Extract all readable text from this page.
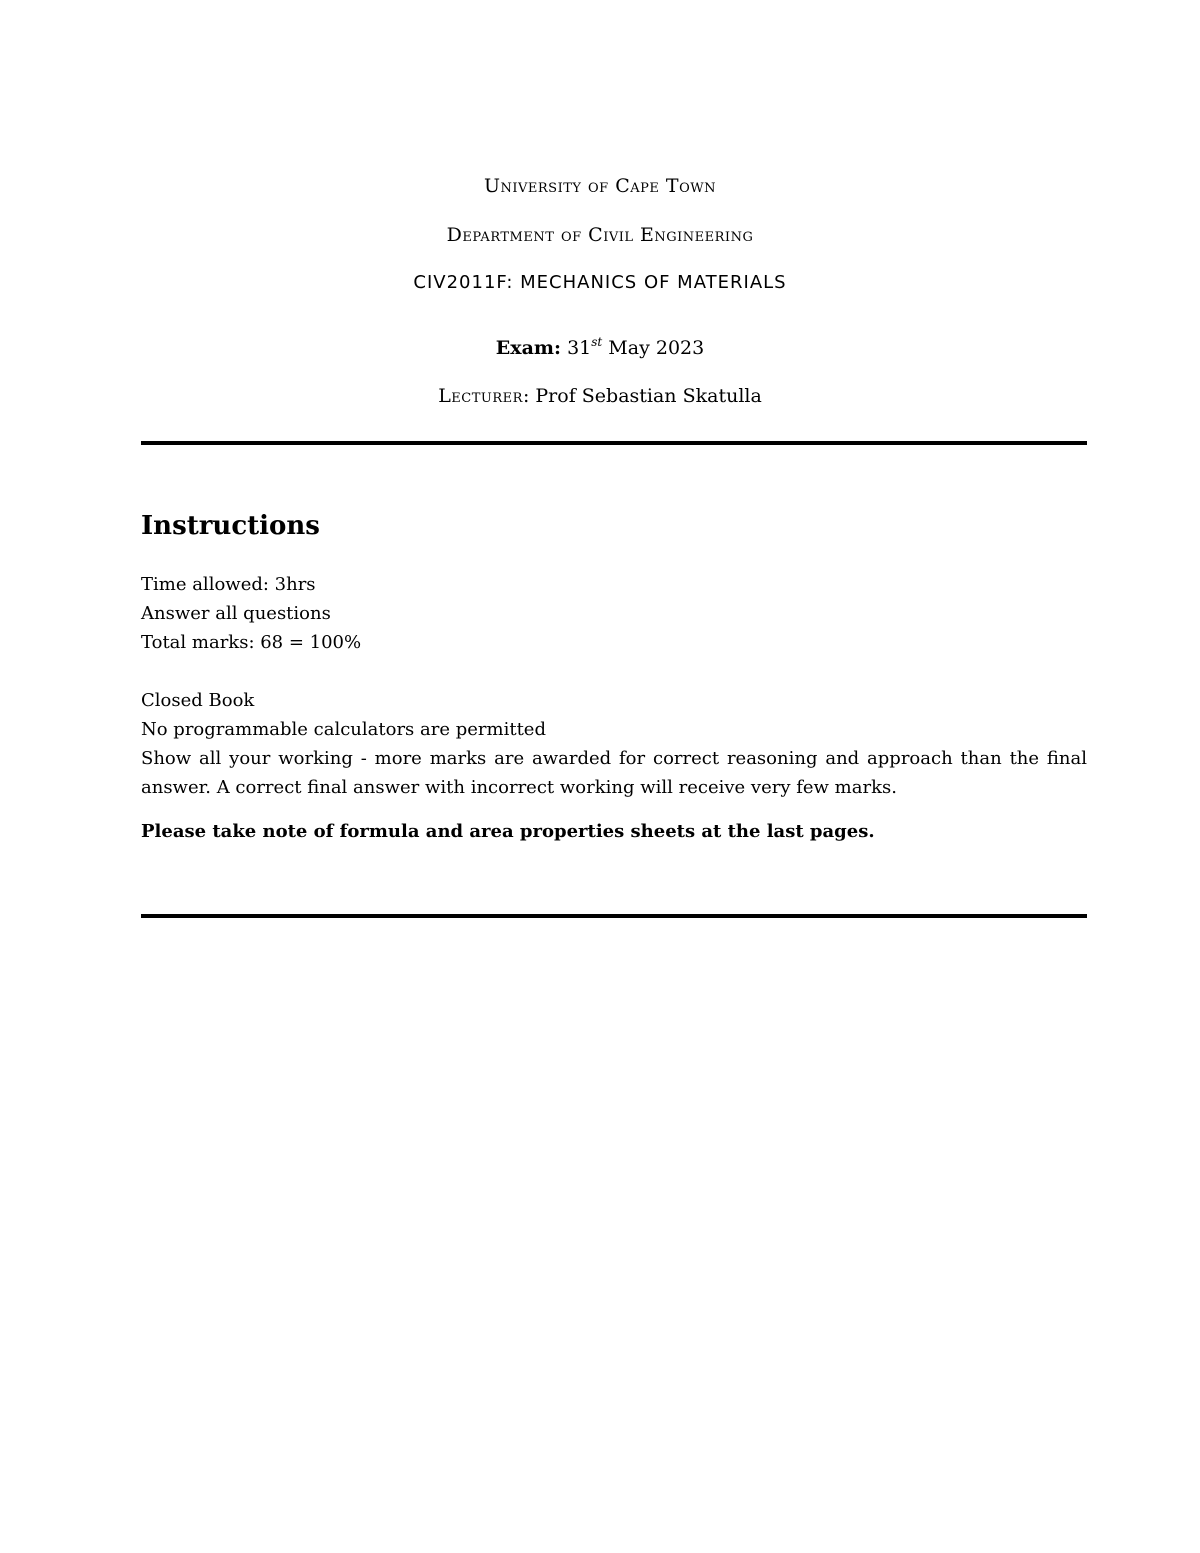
University of Cape Town
Department of Civil Engineering
CIV2011F: MECHANICS OF MATERIALS
Exam: 31st May 2023
Lecturer: Prof Sebastian Skatulla
Instructions

Time allowed: 3hrs

Answer all questions

Total marks: 68 = 100%

Closed Book

No programmable calculators are permitted

Show all your working - more marks are awarded for correct reasoning and approach than the final answer. A correct final answer with incorrect working will receive very few marks.

Please take note of formula and area properties sheets at the last pages.
